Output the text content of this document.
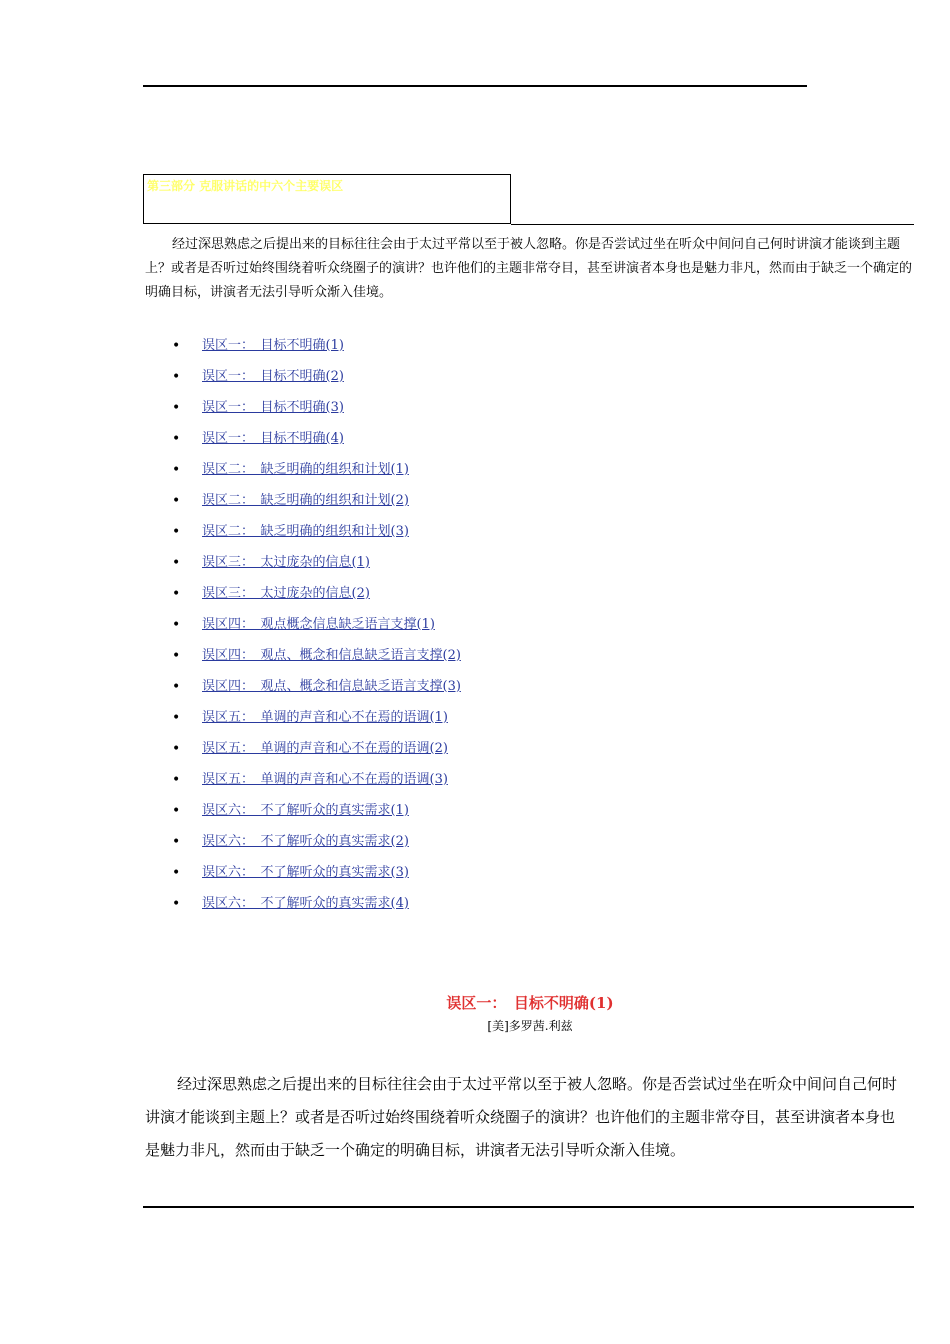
第三部分 克服讲话的中六个主要误区

经过深思熟虑之后提出来的目标往往会由于太过平常以至于被人忽略。你是否尝试过坐在听众中间问自己何时讲演才能谈到主题上？或者是否听过始终围绕着听众绕圈子的演讲？也许他们的主题非常夺目，甚至讲演者本身也是魅力非凡，然而由于缺乏一个确定的明确目标，讲演者无法引导听众渐入佳境。

•	误区一：　目标不明确(1)
•	误区一：　目标不明确(2)
•	误区一：　目标不明确(3)
•	误区一：　目标不明确(4)
•	误区二：　缺乏明确的组织和计划(1)
•	误区二：　缺乏明确的组织和计划(2)
•	误区二：　缺乏明确的组织和计划(3)
•	误区三：　太过庞杂的信息(1)
•	误区三：　太过庞杂的信息(2)
•	误区四：　观点概念信息缺乏语言支撑(1)
•	误区四：　观点、概念和信息缺乏语言支撑(2)
•	误区四：　观点、概念和信息缺乏语言支撑(3)
•	误区五：　单调的声音和心不在焉的语调(1)
•	误区五：　单调的声音和心不在焉的语调(2)
•	误区五：　单调的声音和心不在焉的语调(3)
•	误区六：　不了解听众的真实需求(1)
•	误区六：　不了解听众的真实需求(2)
•	误区六：　不了解听众的真实需求(3)
•	误区六：　不了解听众的真实需求(4)
误区一：　目标不明确(1)
[美]多罗茜.利兹

经过深思熟虑之后提出来的目标往往会由于太过平常以至于被人忽略。你是否尝试过坐在听众中间问自己何时讲演才能谈到主题上？或者是否听过始终围绕着听众绕圈子的演讲？也许他们的主题非常夺目，甚至讲演者本身也是魅力非凡，然而由于缺乏一个确定的明确目标，讲演者无法引导听众渐入佳境。
